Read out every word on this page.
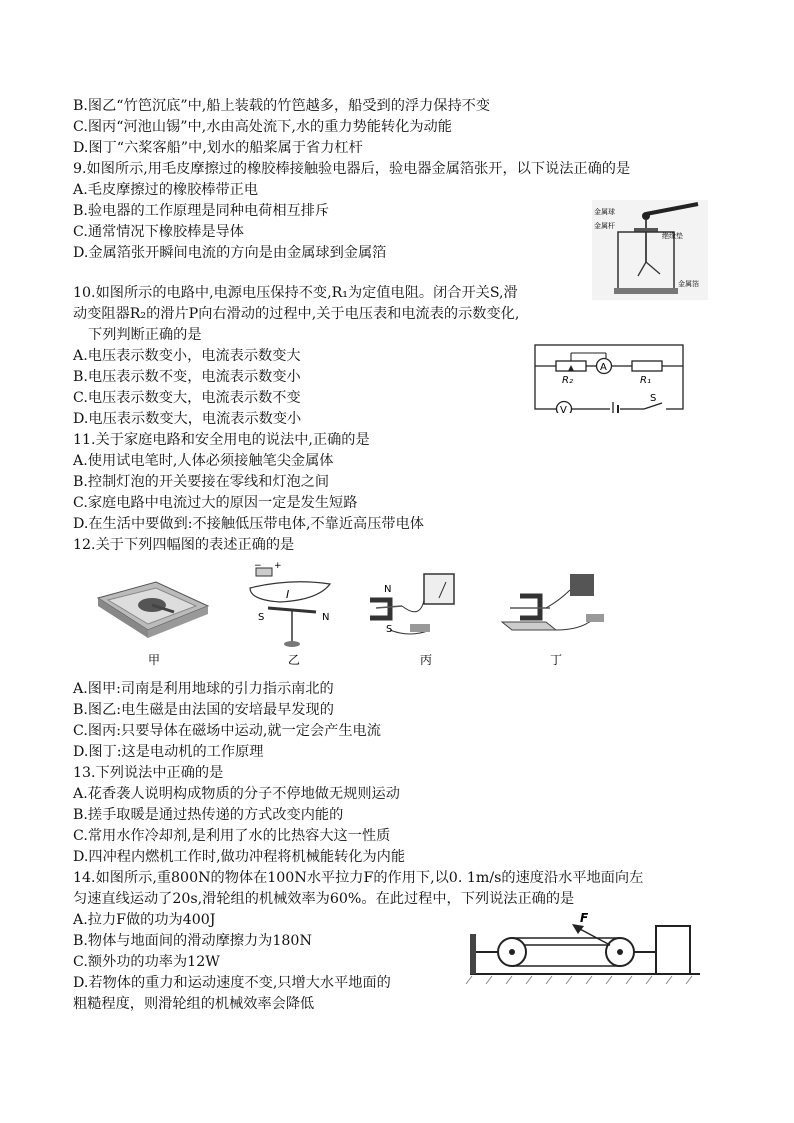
B.图乙“竹笆沉底”中,船上装载的竹笆越多，船受到的浮力保持不变
C.图丙“河池山锡”中,水由高处流下,水的重力势能转化为动能
D.图丁“六桨客船”中,划水的船桨属于省力杠杆
9.如图所示,用毛皮摩擦过的橡胶棒接触验电器后，验电器金属箔张开，以下说法正确的是
A.毛皮摩擦过的橡胶棒带正电
B.验电器的工作原理是同种电荷相互排斥
C.通常情况下橡胶棒是导体
D.金属箔张开瞬间电流的方向是由金属球到金属箔
10.如图所示的电路中,电源电压保持不变,R₁为定值电阻。闭合开关S,滑
动变阻器R₂的滑片P向右滑动的过程中,关于电压表和电流表的示数变化,
下列判断正确的是
A.电压表示数变小，电流表示数变大
B.电压表示数不变，电流表示数变小
C.电压表示数变大，电流表示数不变
D.电压表示数变大，电流表示数变小
11.关于家庭电路和安全用电的说法中,正确的是
A.使用试电笔时,人体必须接触笔尖金属体
B.控制灯泡的开关要接在零线和灯泡之间
C.家庭电路中电流过大的原因一定是发生短路
D.在生活中要做到:不接触低压带电体,不靠近高压带电体
12.关于下列四幅图的表述正确的是
A.图甲:司南是利用地球的引力指示南北的
B.图乙:电生磁是由法国的安培最早发现的
C.图丙:只要导体在磁场中运动,就一定会产生电流
D.图丁:这是电动机的工作原理
13.下列说法中正确的是
A.花香袭人说明构成物质的分子不停地做无规则运动
B.搓手取暖是通过热传递的方式改变内能的
C.常用水作冷却剂,是利用了水的比热容大这一性质
D.四冲程内燃机工作时,做功冲程将机械能转化为内能
14.如图所示,重800N的物体在100N水平拉力F的作用下,以0. 1m/s的速度沿水平地面向左
匀速直线运动了20s,滑轮组的机械效率为60%。在此过程中，下列说法正确的是
A.拉力F做的功为400J
B.物体与地面间的滑动摩擦力为180N
C.额外功的功率为12W
D.若物体的重力和运动速度不变,只增大水平地面的
粗糙程度，则滑轮组的机械效率会降低
金属球
金属杆
绝缘垫
金属箔
R₂
A
R₁
V
S
− +
I
S	N
N
S
甲	乙	丙	丁
F
